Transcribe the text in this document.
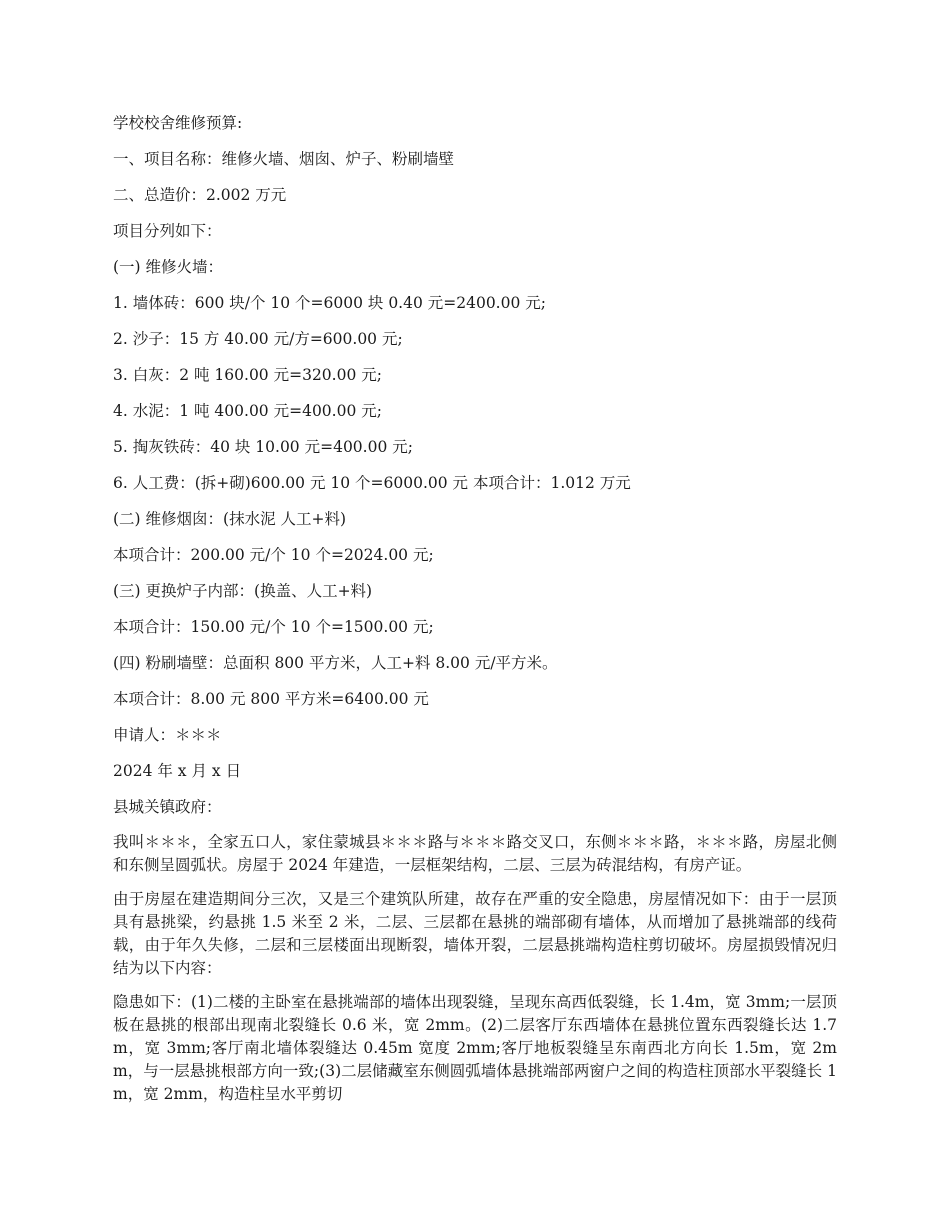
学校校舍维修预算:

一、项目名称：维修火墙、烟囱、炉子、粉刷墙壁

二、总造价：2.002 万元

项目分列如下：

(一) 维修火墙：

1. 墙体砖：600 块/个 10 个=6000 块 0.40 元=2400.00 元;

2. 沙子：15 方 40.00 元/方=600.00 元;

3. 白灰：2 吨 160.00 元=320.00 元;

4. 水泥：1 吨 400.00 元=400.00 元;

5. 掏灰铁砖：40 块 10.00 元=400.00 元;

6. 人工费：(拆+砌)600.00 元 10 个=6000.00 元 本项合计：1.012 万元

(二) 维修烟囱：(抹水泥 人工+料)

本项合计：200.00 元/个 10 个=2024.00 元;

(三) 更换炉子内部：(换盖、人工+料)

本项合计：150.00 元/个 10 个=1500.00 元;

(四) 粉刷墙壁：总面积 800 平方米，人工+料 8.00 元/平方米。

本项合计：8.00 元 800 平方米=6400.00 元

申请人：＊＊＊

2024 年 x 月 x 日

县城关镇政府：

我叫＊＊＊，全家五口人，家住蒙城县＊＊＊路与＊＊＊路交叉口，东侧＊＊＊路，＊＊＊路，房屋北侧和东侧呈圆弧状。房屋于 2024 年建造，一层框架结构，二层、三层为砖混结构，有房产证。

由于房屋在建造期间分三次，又是三个建筑队所建，故存在严重的安全隐患，房屋情况如下：由于一层顶具有悬挑梁，约悬挑 1.5 米至 2 米，二层、三层都在悬挑的端部砌有墙体，从而增加了悬挑端部的线荷载，由于年久失修，二层和三层楼面出现断裂，墙体开裂，二层悬挑端构造柱剪切破坏。房屋损毁情况归结为以下内容：

隐患如下：(1)二楼的主卧室在悬挑端部的墙体出现裂缝，呈现东高西低裂缝，长 1.4m，宽 3mm;一层顶板在悬挑的根部出现南北裂缝长 0.6 米，宽 2mm。(2)二层客厅东西墙体在悬挑位置东西裂缝长达 1.7m，宽 3mm;客厅南北墙体裂缝达 0.45m 宽度 2mm;客厅地板裂缝呈东南西北方向长 1.5m，宽 2mm，与一层悬挑根部方向一致;(3)二层储藏室东侧圆弧墙体悬挑端部两窗户之间的构造柱顶部水平裂缝长 1m，宽 2mm，构造柱呈水平剪切
